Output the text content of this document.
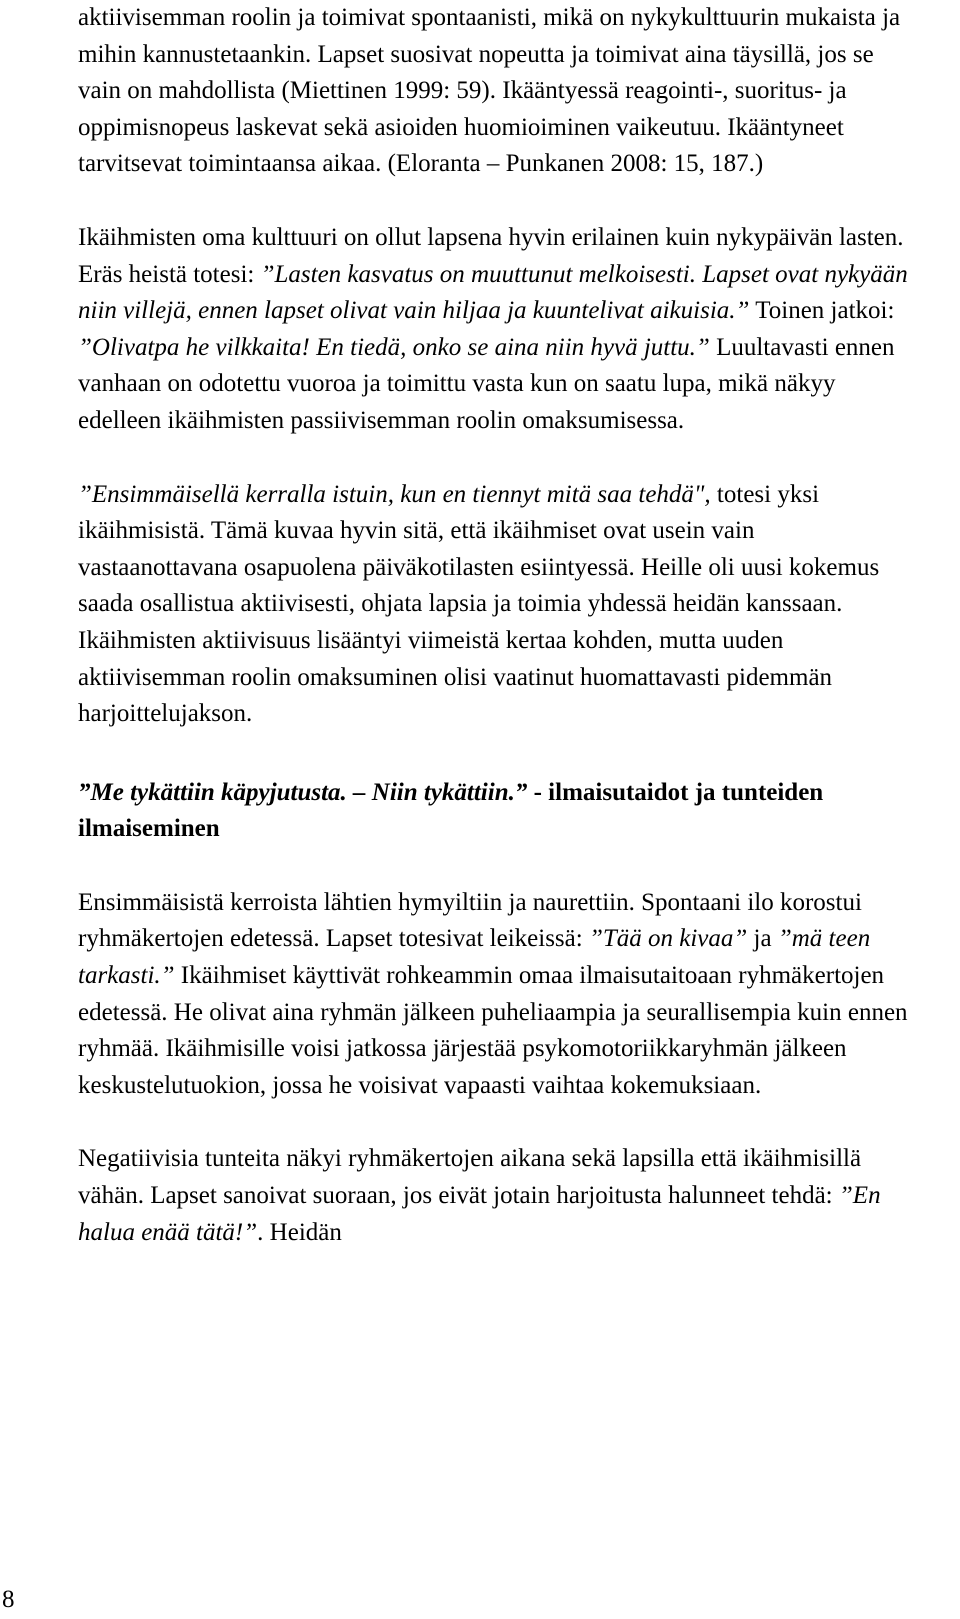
aktiivisemman roolin ja toimivat spontaanisti, mikä on nykykulttuurin mukaista ja mihin kannustetaankin. Lapset suosivat nopeutta ja toimivat aina täysillä, jos se vain on mahdollista (Miettinen 1999: 59). Ikääntyessä reagointi-, suoritus- ja oppimisnopeus laskevat sekä asioiden huomioiminen vaikeutuu. Ikääntyneet tarvitsevat toimintaansa aikaa. (Eloranta – Punkanen 2008: 15, 187.)

Ikäihmisten oma kulttuuri on ollut lapsena hyvin erilainen kuin nykypäivän lasten. Eräs heistä totesi: ”Lasten kasvatus on muuttunut melkoisesti. Lapset ovat nykyään niin villejä, ennen lapset olivat vain hiljaa ja kuuntelivat aikuisia.” Toinen jatkoi: ”Olivatpa he vilkkaita! En tiedä, onko se aina niin hyvä juttu.” Luultavasti ennen vanhaan on odotettu vuoroa ja toimittu vasta kun on saatu lupa, mikä näkyy edelleen ikäihmisten passiivisemman roolin omaksumisessa.

”Ensimmäisellä kerralla istuin, kun en tiennyt mitä saa tehdä", totesi yksi ikäihmisistä. Tämä kuvaa hyvin sitä, että ikäihmiset ovat usein vain vastaanottavana osapuolena päiväkotilasten esiintyessä. Heille oli uusi kokemus saada osallistua aktiivisesti, ohjata lapsia ja toimia yhdessä heidän kanssaan. Ikäihmisten aktiivisuus lisääntyi viimeistä kertaa kohden, mutta uuden aktiivisemman roolin omaksuminen olisi vaatinut huomattavasti pidemmän harjoittelujakson.

”Me tykättiin käpyjutusta. – Niin tykättiin.” - ilmaisutaidot ja tunteiden ilmaiseminen

Ensimmäisistä kerroista lähtien hymyiltiin ja naurettiin. Spontaani ilo korostui ryhmäkertojen edetessä. Lapset totesivat leikeissä: ”Tää on kivaa” ja ”mä teen tarkasti.” Ikäihmiset käyttivät rohkeammin omaa ilmaisutaitoaan ryhmäkertojen edetessä. He olivat aina ryhmän jälkeen puheliaampia ja seurallisempia kuin ennen ryhmää. Ikäihmisille voisi jatkossa järjestää psykomotoriikkaryhmän jälkeen keskustelutuokion, jossa he voisivat vapaasti vaihtaa kokemuksiaan.

Negatiivisia tunteita näkyi ryhmäkertojen aikana sekä lapsilla että ikäihmisillä vähän. Lapset sanoivat suoraan, jos eivät jotain harjoitusta halunneet tehdä: ”En halua enää tätä!”. Heidän

8
